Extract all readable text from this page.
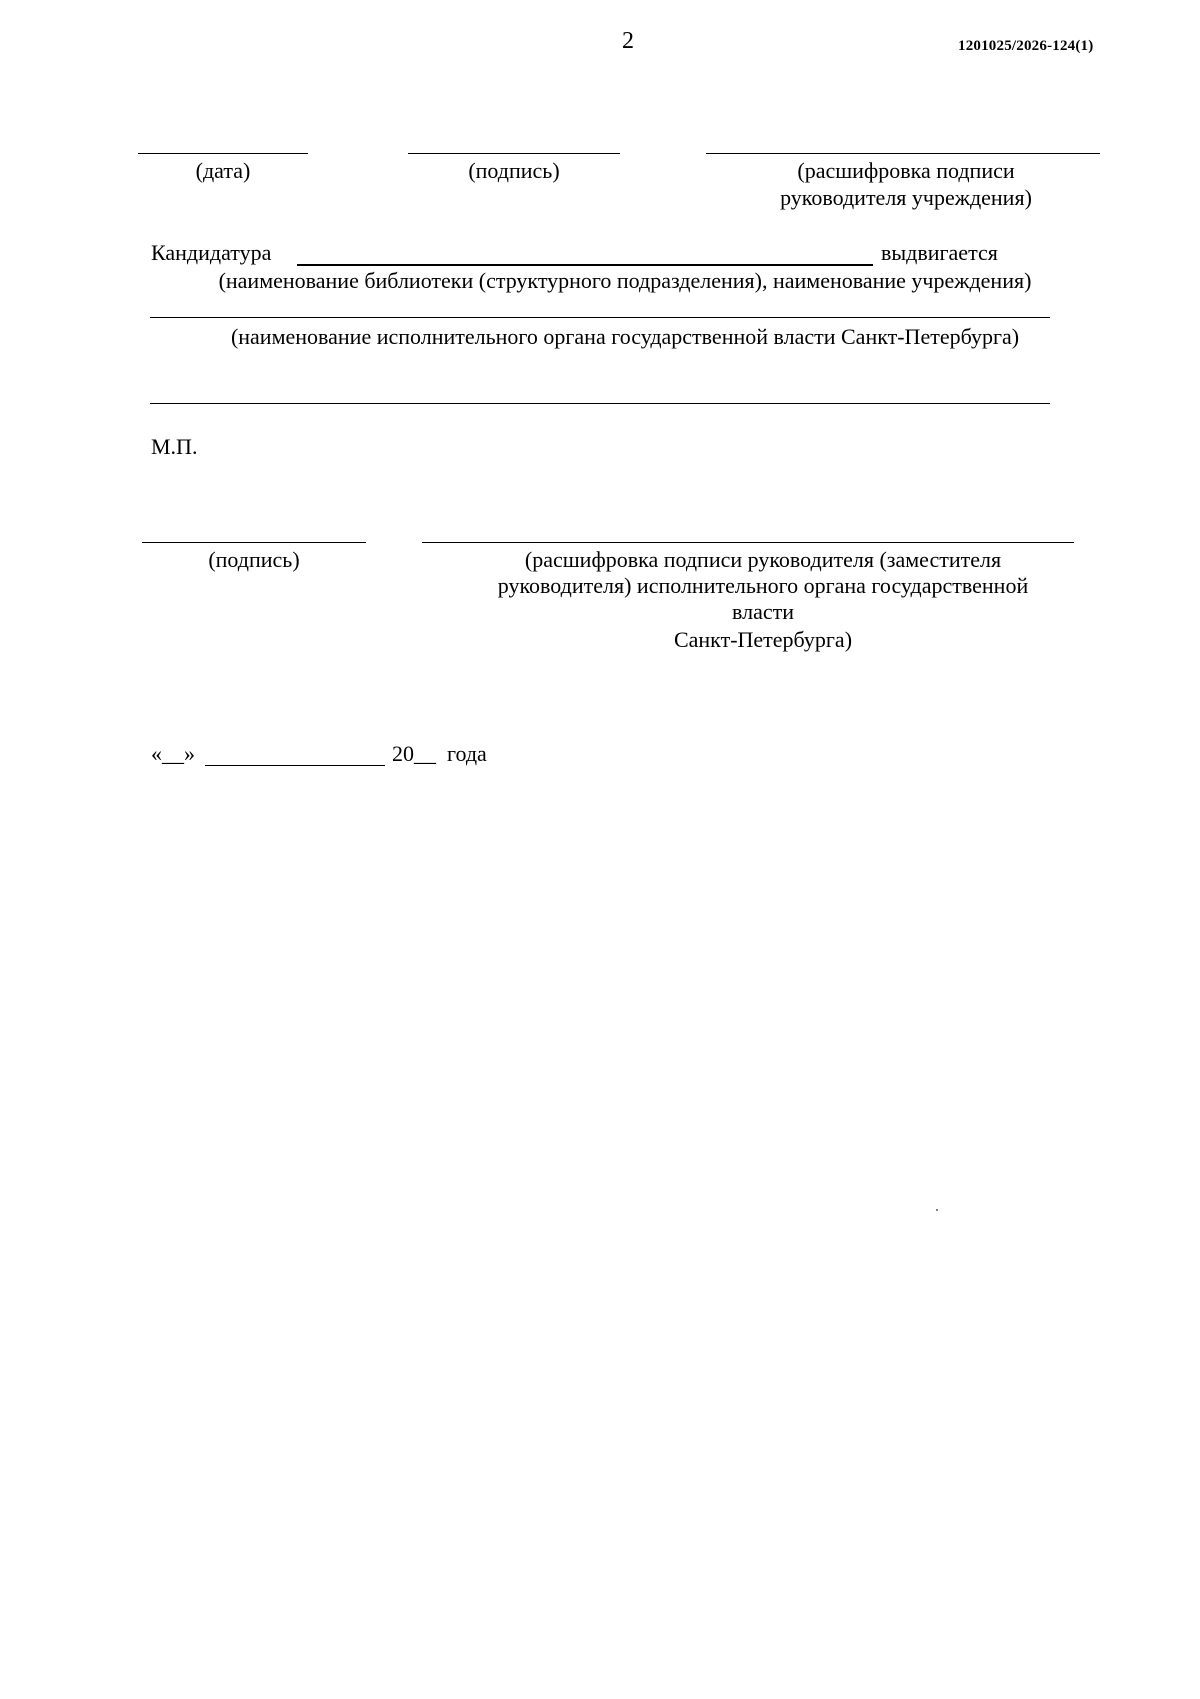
2	1201025/2026-124(1)
(дата)	(подпись)	(расшифровка подписи
руководителя учреждения)
Кандидатура	выдвигается
(наименование библиотеки (структурного подразделения), наименование учреждения)
(наименование исполнительного органа государственной власти Санкт-Петербурга)
М.П.
(подпись)	(расшифровка подписи руководителя (заместителя
руководителя) исполнительного органа государственной
власти
Санкт-Петербурга)
«__»	20__ года
